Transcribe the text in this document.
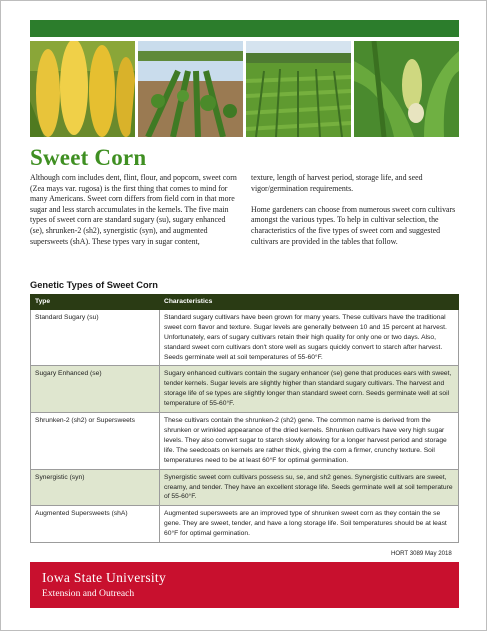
Sweet Corn

Although corn includes dent, flint, flour, and popcorn, sweet corn (Zea mays var. rugosa) is the first thing that comes to mind for many Americans. Sweet corn differs from field corn in that more sugar and less starch accumulates in the kernels. The five main types of sweet corn are standard sugary (su), sugary enhanced (se), shrunken-2 (sh2), synergistic (syn), and augmented supersweets (shA). These types vary in sugar content,

texture, length of harvest period, storage life, and seed vigor/germination requirements.

Home gardeners can choose from numerous sweet corn cultivars amongst the various types. To help in cultivar selection, the characteristics of the five types of sweet corn and suggested cultivars are provided in the tables that follow.

Genetic Types of Sweet Corn
Type	Characteristics
Standard Sugary (su)	Standard sugary cultivars have been grown for many years. These cultivars have the traditional sweet corn flavor and texture. Sugar levels are generally between 10 and 15 percent at harvest. Unfortunately, ears of sugary cultivars retain their high quality for only one or two days. Also, standard sweet corn cultivars don't store well as sugars quickly convert to starch after harvest. Seeds germinate well at soil temperatures of 55-60°F.
Sugary Enhanced (se)	Sugary enhanced cultivars contain the sugary enhancer (se) gene that produces ears with sweet, tender kernels. Sugar levels are slightly higher than standard sugary cultivars. The harvest and storage life of se types are slightly longer than standard sweet corn. Seeds germinate well at soil temperature of 55-60°F.
Shrunken-2 (sh2) or Supersweets	These cultivars contain the shrunken-2 (sh2) gene. The common name is derived from the shrunken or wrinkled appearance of the dried kernels. Shrunken cultivars have very high sugar levels. They also convert sugar to starch slowly allowing for a longer harvest period and storage life. The seedcoats on kernels are rather thick, giving the corn a firmer, crunchy texture. Soil temperatures need to be at least 60°F for optimal germination.
Synergistic (syn)	Synergistic sweet corn cultivars possess su, se, and sh2 genes. Synergistic cultivars are sweet, creamy, and tender. They have an excellent storage life. Seeds germinate well at soil temperature of 55-60°F.
Augmented Supersweets (shA)	Augmented supersweets are an improved type of shrunken sweet corn as they contain the se gene. They are sweet, tender, and have a long storage life. Soil temperatures should be at least 60°F for optimal germination.
HORT 3089 May 2018
Iowa State University
Extension and Outreach
